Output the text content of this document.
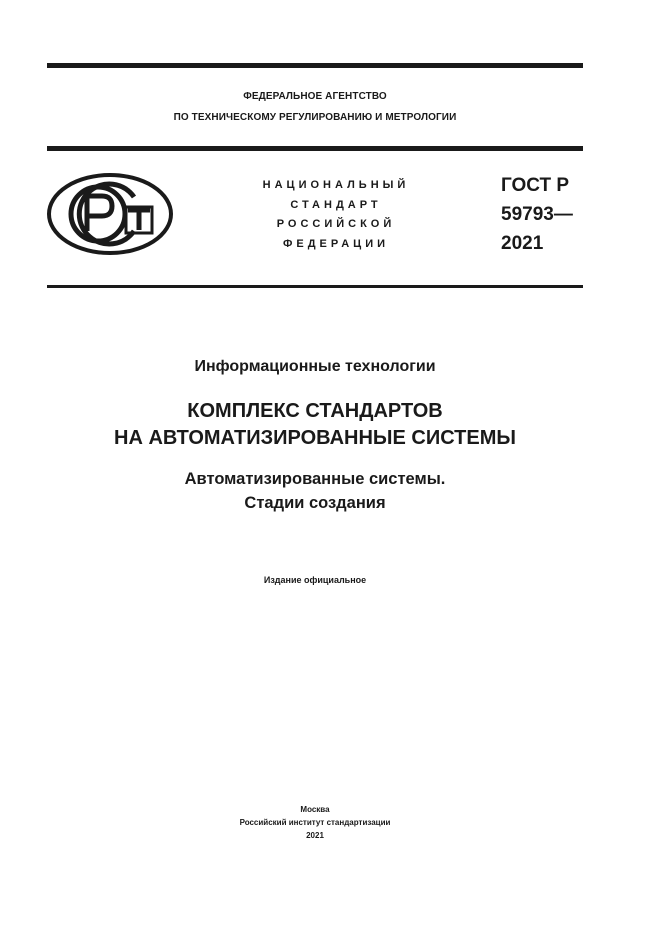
ФЕДЕРАЛЬНОЕ АГЕНТСТВО
ПО ТЕХНИЧЕСКОМУ РЕГУЛИРОВАНИЮ И МЕТРОЛОГИИ
НАЦИОНАЛЬНЫЙ
СТАНДАРТ
РОССИЙСКОЙ
ФЕДЕРАЦИИ
ГОСТ Р
59793—
2021
Информационные технологии
КОМПЛЕКС СТАНДАРТОВ
НА АВТОМАТИЗИРОВАННЫЕ СИСТЕМЫ
Автоматизированные системы.
Стадии создания
Издание официальное
Москва
Российский институт стандартизации
2021
